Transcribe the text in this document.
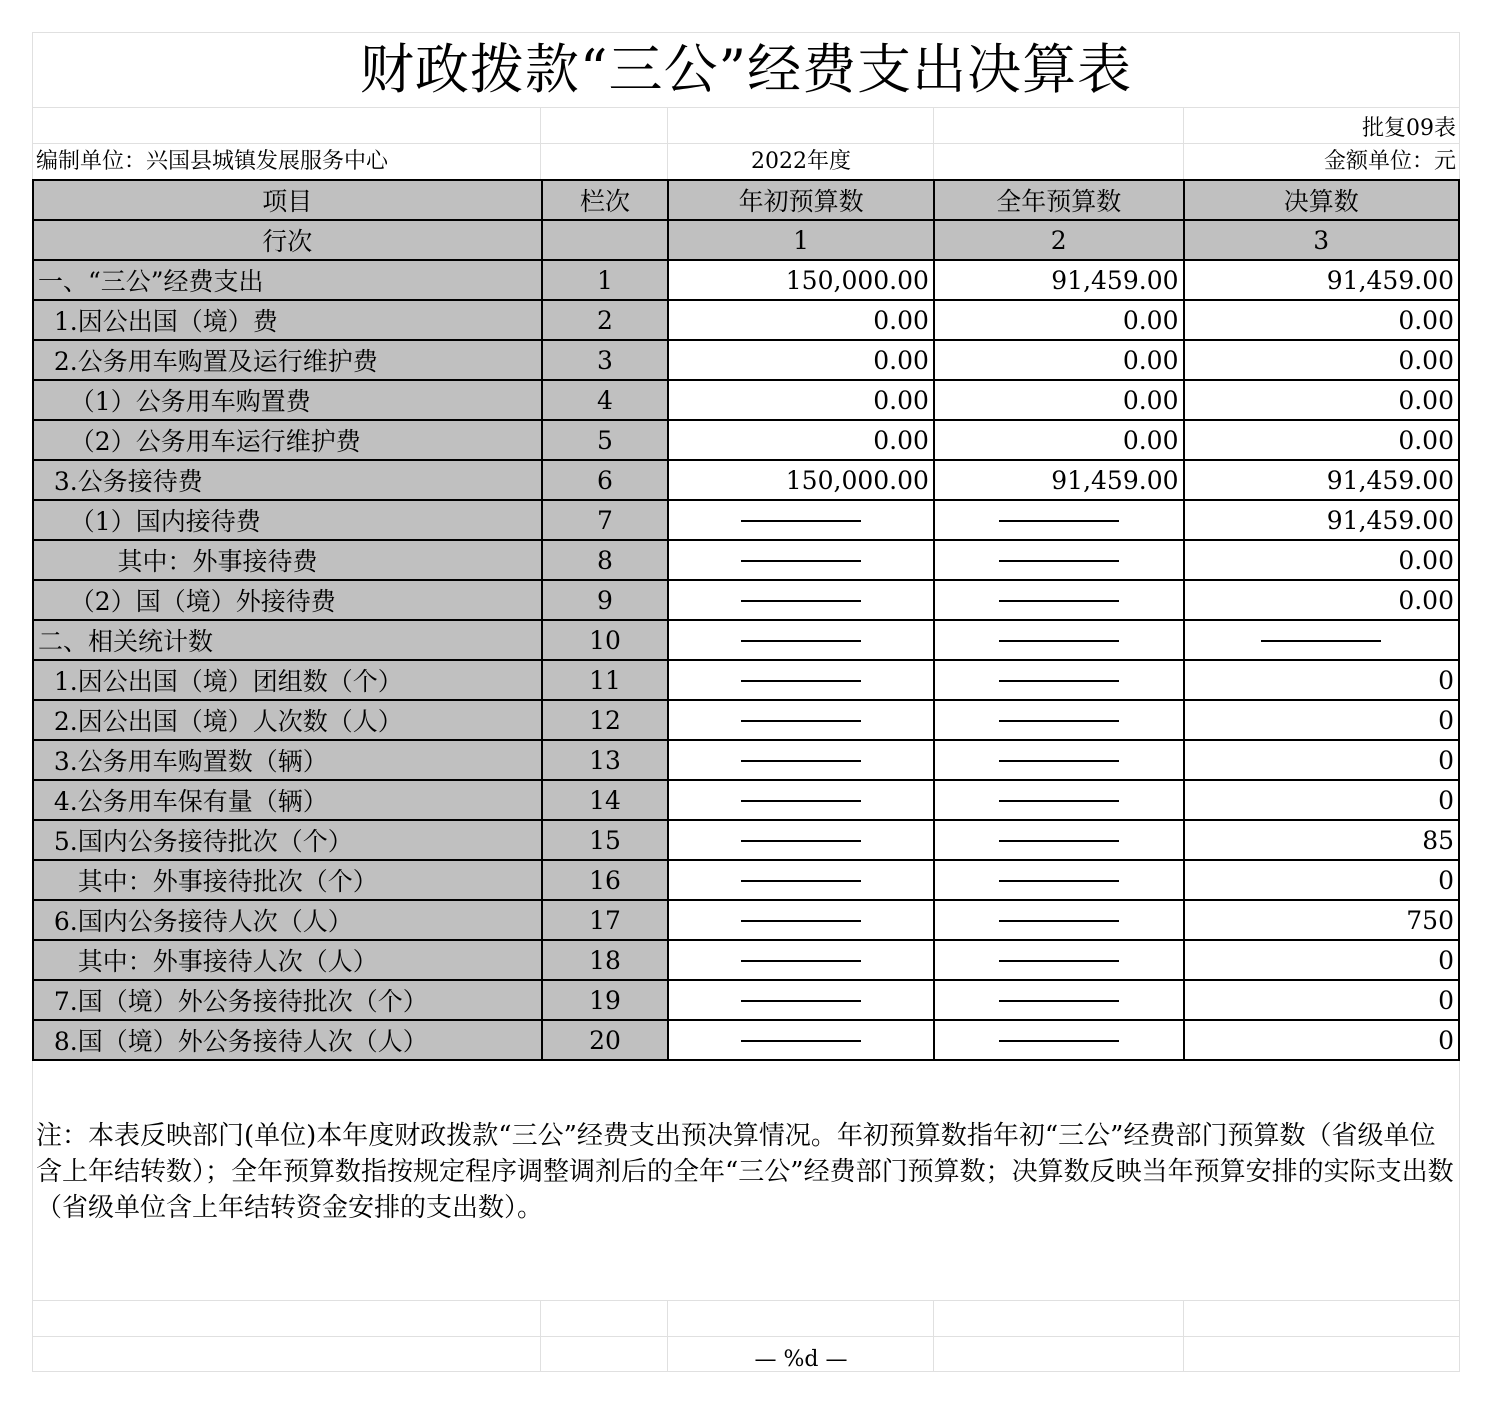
财政拨款“三公”经费支出决算表
批复09表
编制单位：兴国县城镇发展服务中心	2022年度	金额单位：元
项目	栏次	年初预算数	全年预算数	决算数
行次		1	2	3
一、“三公”经费支出	1	150,000.00	91,459.00	91,459.00
1.因公出国（境）费	2	0.00	0.00	0.00
2.公务用车购置及运行维护费	3	0.00	0.00	0.00
（1）公务用车购置费	4	0.00	0.00	0.00
（2）公务用车运行维护费	5	0.00	0.00	0.00
3.公务接待费	6	150,000.00	91,459.00	91,459.00
（1）国内接待费	7			91,459.00
其中：外事接待费	8			0.00
（2）国（境）外接待费	9			0.00
二、相关统计数	10	

1.因公出国（境）团组数（个）	11			0
2.因公出国（境）人次数（人）	12			0
3.公务用车购置数（辆）	13			0
4.公务用车保有量（辆）	14			0
5.国内公务接待批次（个）	15			85
其中：外事接待批次（个）	16			0
6.国内公务接待人次（人）	17			750
其中：外事接待人次（人）	18			0
7.国（境）外公务接待批次（个）	19			0
8.国（境）外公务接待人次（人）	20			0
注：本表反映部门(单位)本年度财政拨款“三公”经费支出预决算情况。年初预算数指年初“三公”经费部门预算数（省级单位含上年结转数）；全年预算数指按规定程序调整调剂后的全年“三公”经费部门预算数；决算数反映当年预算安排的实际支出数（省级单位含上年结转资金安排的支出数）。
— %d —
